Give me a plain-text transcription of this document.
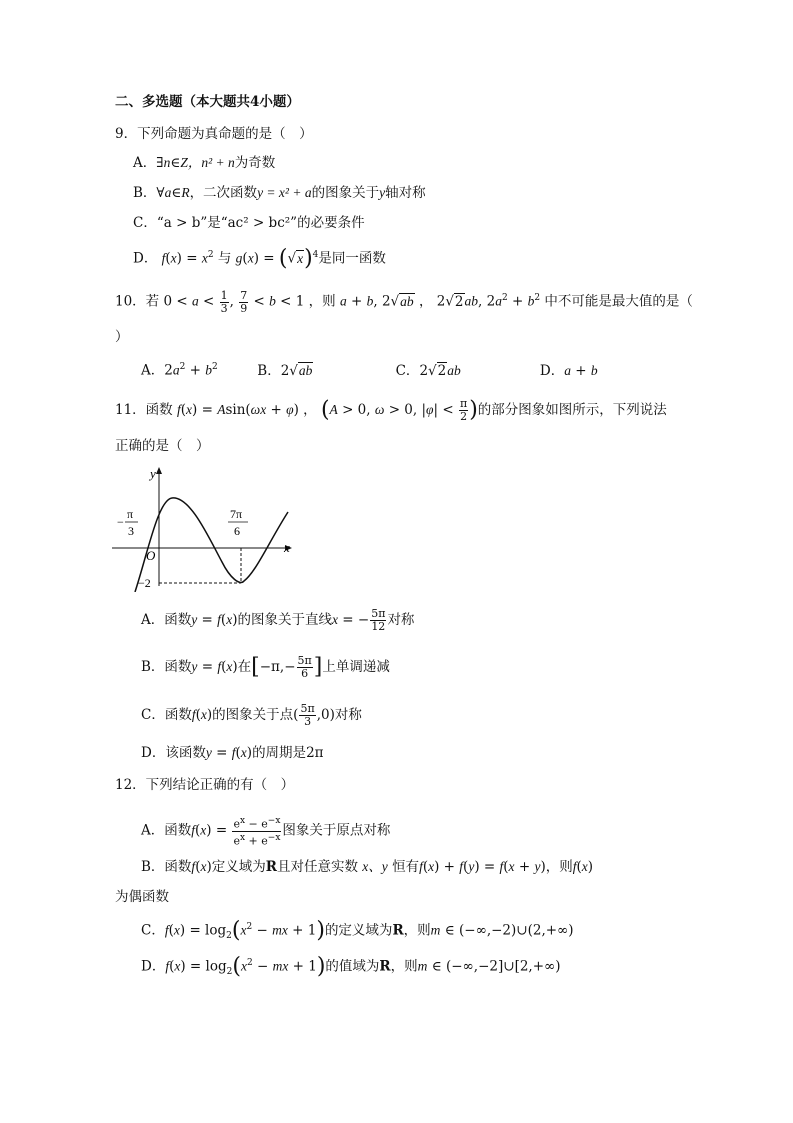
二、多选题（本大题共4小题）
9．下列命题为真命题的是（　）
A．∃n∈Z，n² + n为奇数
B．∀a∈R，二次函数y = x² + a的图象关于y轴对称
C．“a > b”是“ac² > bc²”的必要条件
D． $f(x) = x^2$ 与 $g(x) = (√x)^4$是同一函数
10．若 $0 < a < \frac{1}{3}$ , $\frac{7}{9} < b < 1$ ，则 a + b, 2√ab ， 2√2ab, $2a^2 + b^2$ 中不可能是最大值的是（
）
A．$2a^2 + b^2$	B．2√ab	C．2√2ab	D．a + b
11．函数 f(x) = Asin(ωx + φ) ， (A > 0, ω > 0, $|\varphi| < \frac{\pi}{2}$ )的部分图象如图所示，下列说法
正确的是（　）
y
x
O
−
π
3
7π
6
−2
A．函数y = f(x)的图象关于直线x = − $\frac{5\pi}{12}$ 对称
B．函数y = f(x)在[$-\pi,- \frac{5\pi}{6}$ ]上单调递减
C．函数f(x)的图象关于点( $\frac{5\pi}{3} ,0$)对称
D．该函数y = f(x)的周期是2π
12．下列结论正确的有（　）
A．函数$f(x) = \frac{e^x - e^{-x}}{e^x + e^{-x}}$ 图象关于原点对称
B．函数f(x)定义域为R且对任意实数 x、y 恒有f(x) + f(y) = f(x + y)，则f(x)
为偶函数
C．$f(x) = \log_2(x^2$ − mx + 1)的定义域为R，则m ∈ (−∞,−2)∪(2,+∞)
D．$f(x) = \log_2(x^2$ − mx + 1)的值域为R，则m ∈ (−∞,−2]∪[2,+∞)
